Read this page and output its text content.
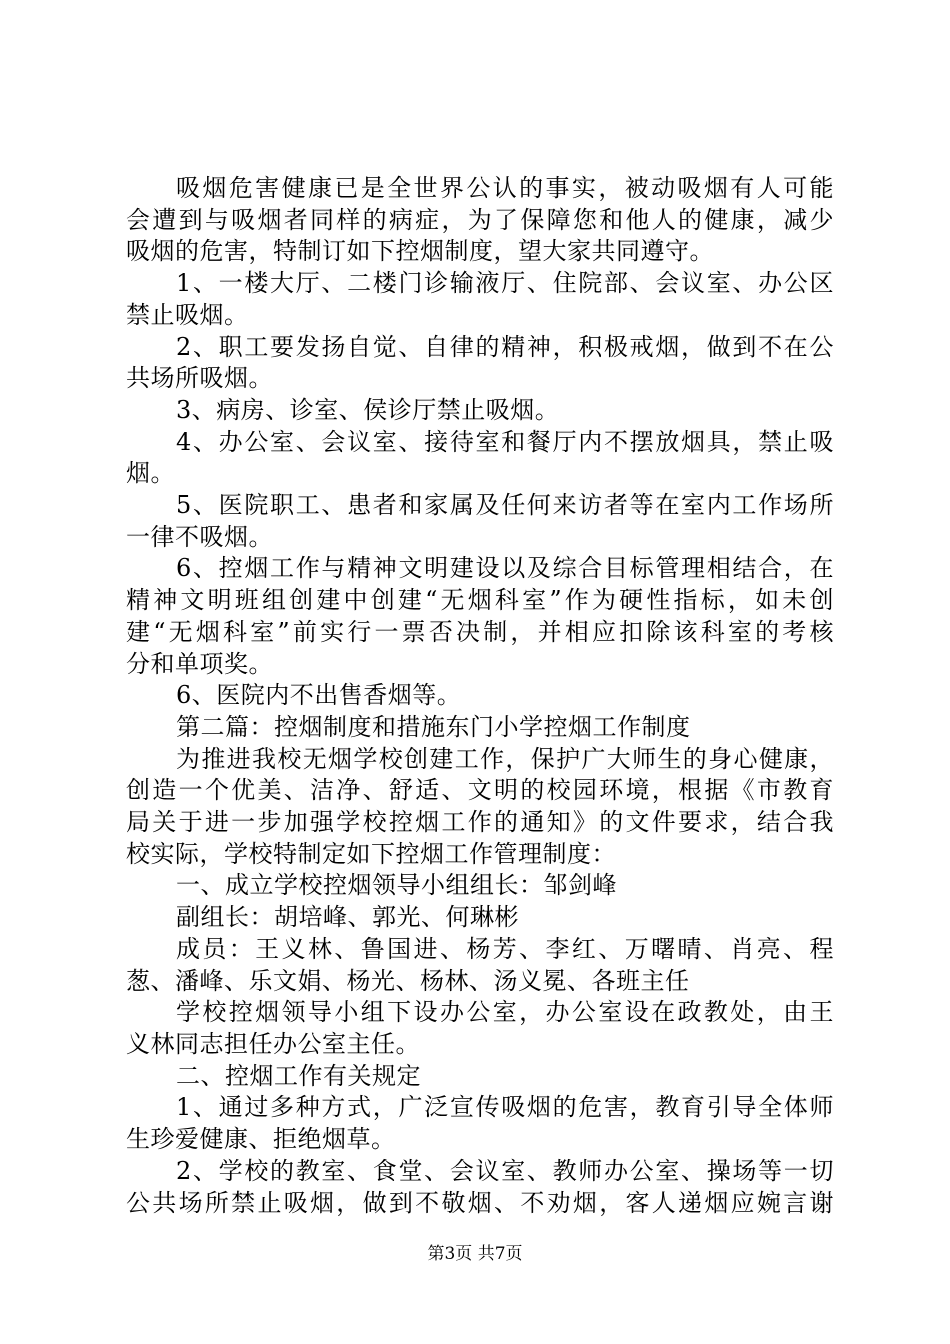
吸烟危害健康已是全世界公认的事实，被动吸烟有人可能
会遭到与吸烟者同样的病症，为了保障您和他人的健康，减少
吸烟的危害，特制订如下控烟制度，望大家共同遵守。
1、一楼大厅、二楼门诊输液厅、住院部、会议室、办公区
禁止吸烟。
2、职工要发扬自觉、自律的精神，积极戒烟，做到不在公
共场所吸烟。
3、病房、诊室、侯诊厅禁止吸烟。
4、办公室、会议室、接待室和餐厅内不摆放烟具，禁止吸
烟。
5、医院职工、患者和家属及任何来访者等在室内工作场所
一律不吸烟。
6、控烟工作与精神文明建设以及综合目标管理相结合，在
精神文明班组创建中创建“无烟科室”作为硬性指标，如未创
建“无烟科室”前实行一票否决制，并相应扣除该科室的考核
分和单项奖。
6、医院内不出售香烟等。
第二篇：控烟制度和措施东门小学控烟工作制度
为推进我校无烟学校创建工作，保护广大师生的身心健康，
创造一个优美、洁净、舒适、文明的校园环境，根据《市教育
局关于进一步加强学校控烟工作的通知》的文件要求，结合我
校实际，学校特制定如下控烟工作管理制度：
一、成立学校控烟领导小组组长：邹剑峰
副组长：胡培峰、郭光、何琳彬
成员：王义林、鲁国进、杨芳、李红、万曙晴、肖亮、程
葱、潘峰、乐文娟、杨光、杨林、汤义冕、各班主任
学校控烟领导小组下设办公室，办公室设在政教处，由王
义林同志担任办公室主任。
二、控烟工作有关规定
1、通过多种方式，广泛宣传吸烟的危害，教育引导全体师
生珍爱健康、拒绝烟草。
2、学校的教室、食堂、会议室、教师办公室、操场等一切
公共场所禁止吸烟，做到不敬烟、不劝烟，客人递烟应婉言谢
第3页 共7页
